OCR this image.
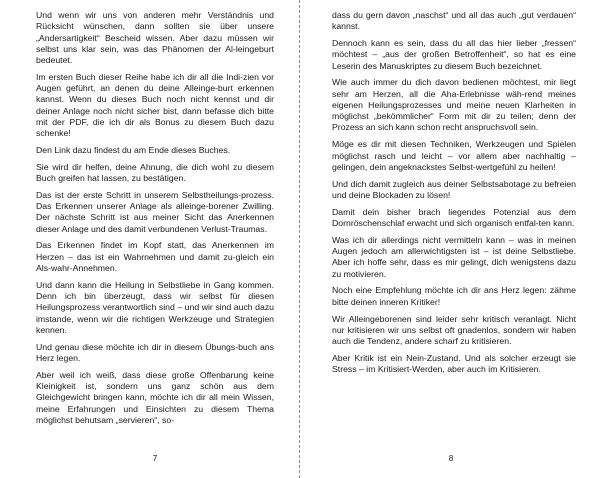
Und wenn wir uns von anderen mehr Verständnis und Rücksicht wünschen, dann sollten sie über unsere „Andersartigkeit“ Bescheid wissen. Aber dazu müssen wir selbst uns klar sein, was das Phänomen der Al-leingeburt bedeutet.

Im ersten Buch dieser Reihe habe ich dir all die Indi-zien vor Augen geführt, an denen du deine Alleinge-burt erkennen kannst. Wenn du dieses Buch noch nicht kennst und dir deiner Anlage noch nicht sicher bist, dann befasse dich bitte mit der PDF, die ich dir als Bonus zu diesem Buch dazu schenke!

Den Link dazu findest du am Ende dieses Buches.

Sie wird dir helfen, deine Ahnung, die dich wohl zu diesem Buch greifen hat lassen, zu bestätigen.

Das ist der erste Schritt in unserem Selbstheilungs-prozess. Das Erkennen unserer Anlage als alleinge-borener Zwilling. Der nächste Schritt ist aus meiner Sicht das Anerkennen dieser Anlage und des damit verbundenen Verlust-Traumas.

Das Erkennen findet im Kopf statt, das Anerkennen im Herzen – das ist ein Wahrnehmen und damit zu-gleich ein Als-wahr-Annehmen.

Und dann kann die Heilung in Selbstliebe in Gang kommen. Denn ich bin überzeugt, dass wir selbst für diesen Heilungsprozess verantwortlich sind – und wir sind auch dazu imstande, wenn wir die richtigen Werkzeuge und Strategien kennen.

Und genau diese möchte ich dir in diesem Übungs-buch ans Herz legen.

Aber weil ich weiß, dass diese große Offenbarung keine Kleinigkeit ist, sondern uns ganz schön aus dem Gleichgewicht bringen kann, möchte ich dir all mein Wissen, meine Erfahrungen und Einsichten zu diesem Thema möglichst behutsam „servieren“, so-

7

dass du gern davon „naschst“ und all das auch „gut verdauen“ kannst.

Dennoch kann es sein, dass du all das hier lieber „fressen“ möchtest – „aus der großen Betroffenheit“, so hat es eine Leserin des Manuskriptes zu diesem Buch bezeichnet.

Wie auch immer du dich davon bedienen möchtest, mir liegt sehr am Herzen, all die Aha-Erlebnisse wäh-rend meines eigenen Heilungsprozesses und meine neuen Klarheiten in möglichst „bekömmlicher“ Form mit dir zu teilen; denn der Prozess an sich kann schon recht anspruchsvoll sein.

Möge es dir mit diesen Techniken, Werkzeugen und Spielen möglichst rasch und leicht – vor allem aber nachhaltig – gelingen, dein angeknackstes Selbst-wertgefühl zu heilen!

Und dich damit zugleich aus deiner Selbstsabotage zu befreien und deine Blockaden zu lösen!

Damit dein bisher brach liegendes Potenzial aus dem Dornröschenschlaf erwacht und sich organisch entfal-ten kann.

Was ich dir allerdings nicht vermitteln kann – was in meinen Augen jedoch am allerwichtigsten ist – ist deine Selbstliebe. Aber ich hoffe sehr, dass es mir gelingt, dich wenigstens dazu zu motivieren.

Noch eine Empfehlung möchte ich dir ans Herz legen: zähme bitte deinen inneren Kritiker!

Wir Alleingeborenen sind leider sehr kritisch veranlagt. Nicht nur kritisieren wir uns selbst oft gnadenlos, sondern wir haben auch die Tendenz, andere scharf zu kritisieren.

Aber Kritik ist ein Nein-Zustand. Und als solcher erzeugt sie Stress – im Kritisiert-Werden, aber auch im Kritisieren.

8
